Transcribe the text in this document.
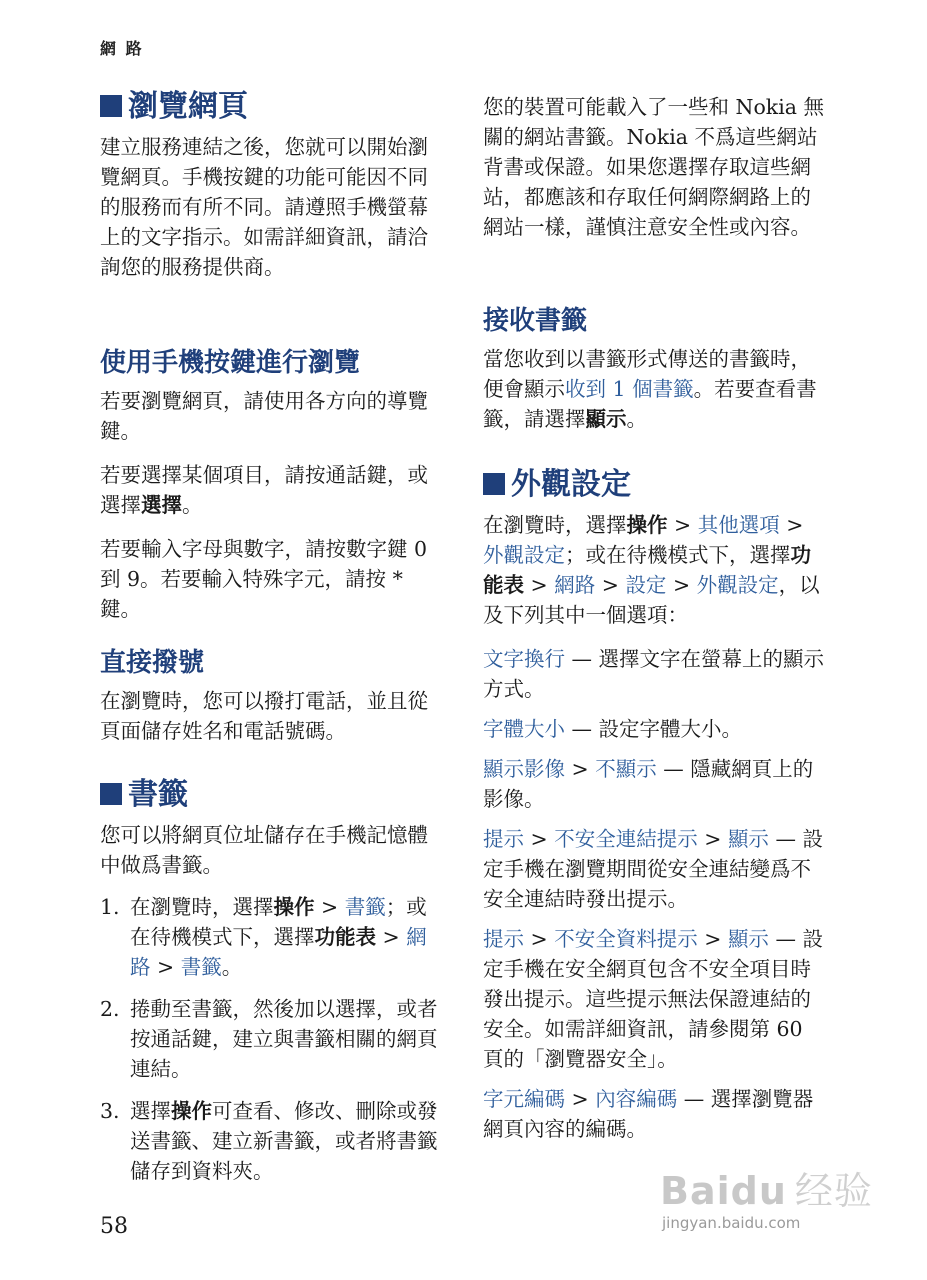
網 路
瀏覽網頁

建立服務連結之後，您就可以開始瀏覽網頁。手機按鍵的功能可能因不同的服務而有所不同。請遵照手機螢幕上的文字指示。如需詳細資訊，請洽詢您的服務提供商。

使用手機按鍵進行瀏覽

若要瀏覽網頁，請使用各方向的導覽鍵。

若要選擇某個項目，請按通話鍵，或選擇選擇。

若要輸入字母與數字，請按數字鍵 0 到 9。若要輸入特殊字元，請按 * 鍵。

直接撥號

在瀏覽時，您可以撥打電話，並且從頁面儲存姓名和電話號碼。

書籤

您可以將網頁位址儲存在手機記憶體中做爲書籤。

1. 在瀏覽時，選擇操作 > 書籤；或在待機模式下，選擇功能表 > 網路 > 書籤。
2. 捲動至書籤，然後加以選擇，或者按通話鍵，建立與書籤相關的網頁連結。
3. 選擇操作可查看、修改、刪除或發送書籤、建立新書籤，或者將書籤儲存到資料夾。

您的裝置可能載入了一些和 Nokia 無關的網站書籤。Nokia 不爲這些網站背書或保證。如果您選擇存取這些網站，都應該和存取任何網際網路上的網站一樣，謹慎注意安全性或內容。

接收書籤

當您收到以書籤形式傳送的書籤時，便會顯示收到 1 個書籤。若要查看書籤，請選擇顯示。

外觀設定

在瀏覽時，選擇操作 > 其他選項 > 外觀設定；或在待機模式下，選擇功能表 > 網路 > 設定 > 外觀設定，以及下列其中一個選項：

文字換行 — 選擇文字在螢幕上的顯示方式。

字體大小 — 設定字體大小。

顯示影像 > 不顯示 — 隱藏網頁上的影像。

提示 > 不安全連結提示 > 顯示 — 設定手機在瀏覽期間從安全連結變爲不安全連結時發出提示。

提示 > 不安全資料提示 > 顯示 — 設定手機在安全網頁包含不安全項目時發出提示。這些提示無法保證連結的安全。如需詳細資訊，請參閱第 60 頁的「瀏覽器安全」。

字元編碼 > 內容編碼 — 選擇瀏覽器網頁內容的編碼。

58
Baidu 经验
jingyan.baidu.com
